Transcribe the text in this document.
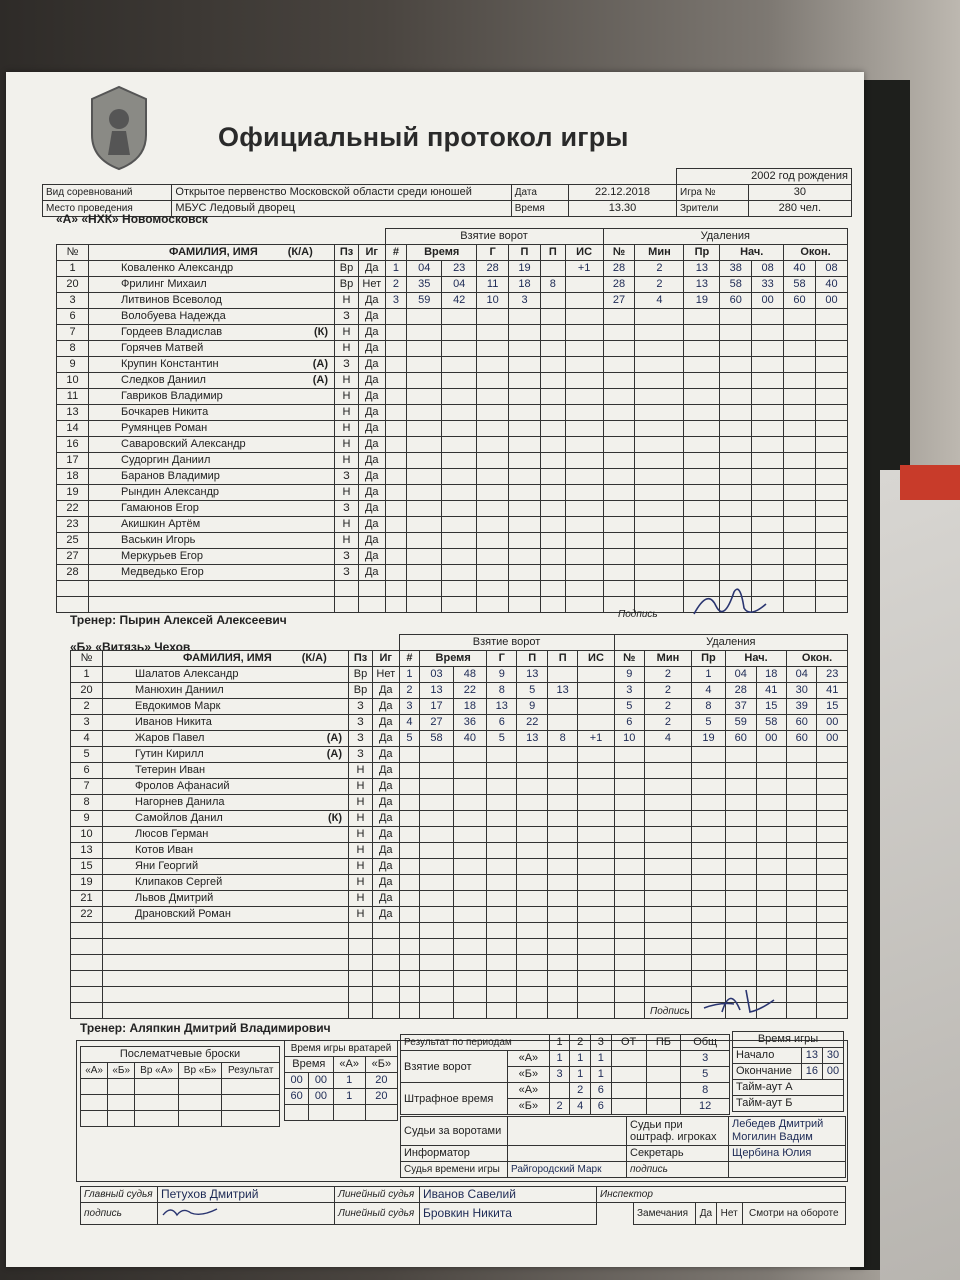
Официальный протокол игры
					2002 год рождения
Вид соревнований	Открытое первенство Московской области среди юношей	Дата	22.12.2018	Игра №	30
Место проведения	МБУС Ледовый дворец	Время	13.30	Зрители	280 чел.
«А» «НХК» Новомосковск
				Взятие ворот							Удаления						
№	ФАМИЛИЯ, ИМЯ (К/А)	Пз	Иг	#	Время		Г	П	П	ИС	№	Мин	Пр	Нач.		Окон.	
1	Коваленко Александр	Вр	Да	1	04	23	28	19		+1	28	2	13	38	08	40	08
20	Фрилинг Михаил	Вр	Нет	2	35	04	11	18	8		28	2	13	58	33	58	40
3	Литвинов Всеволод	Н	Да	3	59	42	10	3			27	4	19	60	00	60	00
6	Волобуева Надежда	З	Да														
7	Гордеев Владислав (К)	Н	Да														
8	Горячев Матвей	Н	Да														
9	Крупин Константин (А)	З	Да														
10	Следков Даниил (А)	Н	Да														
11	Гавриков Владимир	Н	Да														
13	Бочкарев Никита	Н	Да														
14	Румянцев Роман	Н	Да														
16	Саваровский Александр	Н	Да														
17	Судоргин Даниил	Н	Да														
18	Баранов Владимир	З	Да														
19	Рындин Александр	Н	Да														
22	Гамаюнов Егор	З	Да														
23	Акишкин Артём	Н	Да														
25	Васькин Игорь	Н	Да														
27	Меркурьев Егор	З	Да														
28	Медведько Егор	З	Да														

Тренер: Пырин Алексей Алексеевич	Подпись
«Б» «Витязь» Чехов
					Взятие ворот							Удаления						
№	ФАМИЛИЯ, ИМЯ (К/А)	Пз	Иг	#	Время		Г	П	П	ИС	№	Мин	Пр	Нач.		Окон.	
1	Шалатов Александр	Вр	Нет	1	03	48	9	13			9	2	1	04	18	04	23
20	Манюхин Даниил	Вр	Да	2	13	22	8	5	13		3	2	4	28	41	30	41
2	Евдокимов Марк	З	Да	3	17	18	13	9			5	2	8	37	15	39	15
3	Иванов Никита	З	Да	4	27	36	6	22			6	2	5	59	58	60	00
4	Жаров Павел (А)	З	Да	5	58	40	5	13	8	+1	10	4	19	60	00	60	00
5	Гутин Кирилл (А)	З	Да														
6	Тетерин Иван	Н	Да														
7	Фролов Афанасий	Н	Да														
8	Нагорнев Данила	Н	Да														
9	Самойлов Данил (К)	Н	Да														
10	Люсов Герман	Н	Да														
13	Котов Иван	Н	Да														
15	Яни Георгий	Н	Да														
19	Клипаков Сергей	Н	Да														
21	Львов Дмитрий	Н	Да														
22	Драновский Роман	Н	Да														

Тренер: Аляпкин Дмитрий Владимирович
Подпись
Послематчевые броски				
«А»	«Б»	Вр «А»	Вр «Б»	Результат

Время игры вратарей			
Время		«А»	«Б»
00	00	1	20
60	00	1	20

Результат по периодам		1	2	3	ОТ	ПБ	Общ
Взятие ворот	«А»	1	1	1			3
	«Б»	3	1	1			5
Штрафное время	«А»		2	6			8
	«Б»	2	4	6			12
Время игры		
Начало	13	30
Окончание	16	00
Тайм-аут А		
Тайм-аут Б		
Судьи за воротами		Судьи при оштраф. игроках	Лебедев Дмитрий
Могилин Вадим
Информатор		Секретарь	Щербина Юлия
Судья времени игры	Райгородский Марк	подпись	
Главный судья	Петухов Дмитрий	Линейный судья	Иванов Савелий	Инспектор				
подпись		Линейный судья	Бровкин Никита		Замечания	Да	Нет	Смотри на обороте
